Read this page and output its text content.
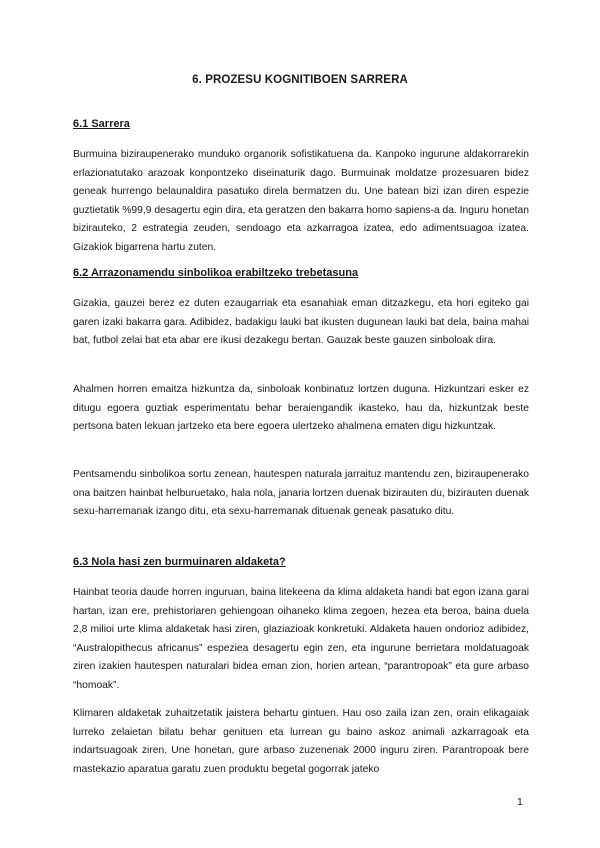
6. PROZESU KOGNITIBOEN SARRERA
6.1 Sarrera

Burmuina biziraupenerako munduko organorik sofistikatuena da. Kanpoko ingurune aldakorrarekin erlazionatutako arazoak konpontzeko diseinaturik dago. Burmuinak moldatze prozesuaren bidez geneak hurrengo belaunaldira pasatuko direla bermatzen du. Une batean bizi izan diren espezie guztietatik %99,9 desagertu egin dira, eta geratzen den bakarra homo sapiens-a da. Inguru honetan bizirauteko, 2 estrategia zeuden, sendoago eta azkarragoa izatea, edo adimentsuagoa izatea. Gizakiok bigarrena hartu zuten.

6.2 Arrazonamendu sinbolikoa erabiltzeko trebetasuna

Gizakia, gauzei berez ez duten ezaugarriak eta esanahiak eman ditzazkegu, eta hori egiteko gai garen izaki bakarra gara. Adibidez, badakigu lauki bat ikusten dugunean lauki bat dela, baina mahai bat, futbol zelai bat eta abar ere ikusi dezakegu bertan. Gauzak beste gauzen sinboloak dira.

Ahalmen horren emaitza hizkuntza da, sinboloak konbinatuz lortzen duguna. Hizkuntzari esker ez ditugu egoera guztiak esperimentatu behar beraiengandik ikasteko, hau da, hizkuntzak beste pertsona baten lekuan jartzeko eta bere egoera ulertzeko ahalmena ematen digu hizkuntzak.

Pentsamendu sinbolikoa sortu zenean, hautespen naturala jarraituz mantendu zen, biziraupenerako ona baitzen hainbat helburuetako, hala nola, janaria lortzen duenak bizirauten du, bizirauten duenak sexu-harremanak izango ditu, eta sexu-harremanak dituenak geneak pasatuko ditu.

6.3 Nola hasi zen burmuinaren aldaketa?

Hainbat teoria daude horren inguruan, baina litekeena da klima aldaketa handi bat egon izana garai hartan, izan ere, prehistoriaren gehiengoan oihaneko klima zegoen, hezea eta beroa, baina duela 2,8 milioi urte klima aldaketak hasi ziren, glaziazioak konkretuki. Aldaketa hauen ondorioz adibidez, “Australopithecus africanus” espeziea desagertu egin zen, eta ingurune berrietara moldatuagoak ziren izakien hautespen naturalari bidea eman zion, horien artean, “parantropoak” eta gure arbaso “homoak”.

Klimaren aldaketak zuhaitzetatik jaistera behartu gintuen. Hau oso zaila izan zen, orain elikagaiak lurreko zelaietan bilatu behar genituen eta lurrean gu baino askoz animali azkarragoak eta indartsuagoak ziren. Une honetan, gure arbaso zuzenenak 2000 inguru ziren. Parantropoak bere mastekazio aparatua garatu zuen produktu begetal gogorrak jateko

1
